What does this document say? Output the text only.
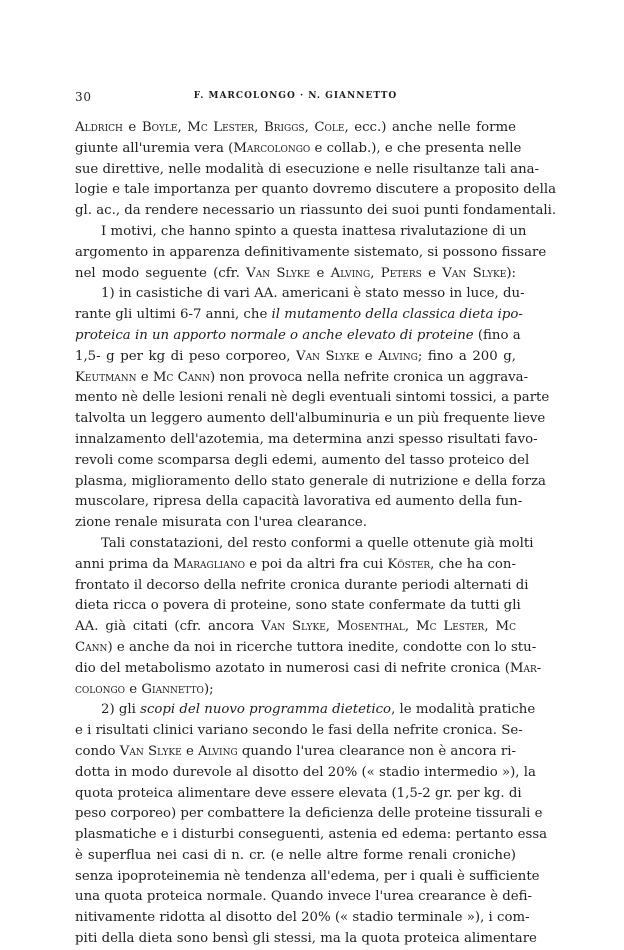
30	F. MARCOLONGO · N. GIANNETTO
Aldrich e Boyle, Mc Lester, Briggs, Cole, ecc.) anche nelle forme
giunte all'uremia vera (Marcolongo e collab.), e che presenta nelle
sue direttive, nelle modalità di esecuzione e nelle risultanze tali ana-
logie e tale importanza per quanto dovremo discutere a proposito della
gl. ac., da rendere necessario un riassunto dei suoi punti fondamentali.
I motivi, che hanno spinto a questa inattesa rivalutazione di un
argomento in apparenza definitivamente sistemato, si possono fissare
nel modo seguente (cfr. Van Slyke e Alving, Peters e Van Slyke):
1) in casistiche di vari AA. americani è stato messo in luce, du-
rante gli ultimi 6-7 anni, che il mutamento della classica dieta ipo-
proteica in un apporto normale o anche elevato di proteine (fino a
1,5- g per kg di peso corporeo, Van Slyke e Alving; fino a 200 g,
Keutmann e Mc Cann) non provoca nella nefrite cronica un aggrava-
mento nè delle lesioni renali nè degli eventuali sintomi tossici, a parte
talvolta un leggero aumento dell'albuminuria e un più frequente lieve
innalzamento dell'azotemia, ma determina anzi spesso risultati favo-
revoli come scomparsa degli edemi, aumento del tasso proteico del
plasma, miglioramento dello stato generale di nutrizione e della forza
muscolare, ripresa della capacità lavorativa ed aumento della fun-
zione renale misurata con l'urea clearance.
Tali constatazioni, del resto conformi a quelle ottenute già molti
anni prima da Maragliano e poi da altri fra cui Köster, che ha con-
frontato il decorso della nefrite cronica durante periodi alternati di
dieta ricca o povera di proteine, sono state confermate da tutti gli
AA. già citati (cfr. ancora Van Slyke, Mosenthal, Mc Lester, Mc
Cann) e anche da noi in ricerche tuttora inedite, condotte con lo stu-
dio del metabolismo azotato in numerosi casi di nefrite cronica (Mar-
colongo e Giannetto);
2) gli scopi del nuovo programma dietetico, le modalità pratiche
e i risultati clinici variano secondo le fasi della nefrite cronica. Se-
condo Van Slyke e Alving quando l'urea clearance non è ancora ri-
dotta in modo durevole al disotto del 20% (« stadio intermedio »), la
quota proteica alimentare deve essere elevata (1,5-2 gr. per kg. di
peso corporeo) per combattere la deficienza delle proteine tissurali e
plasmatiche e i disturbi conseguenti, astenia ed edema: pertanto essa
è superflua nei casi di n. cr. (e nelle altre forme renali croniche)
senza ipoproteinemia nè tendenza all'edema, per i quali è sufficiente
una quota proteica normale. Quando invece l'urea crearance è defi-
nitivamente ridotta al disotto del 20% (« stadio terminale »), i com-
piti della dieta sono bensì gli stessi, ma la quota proteica alimentare
